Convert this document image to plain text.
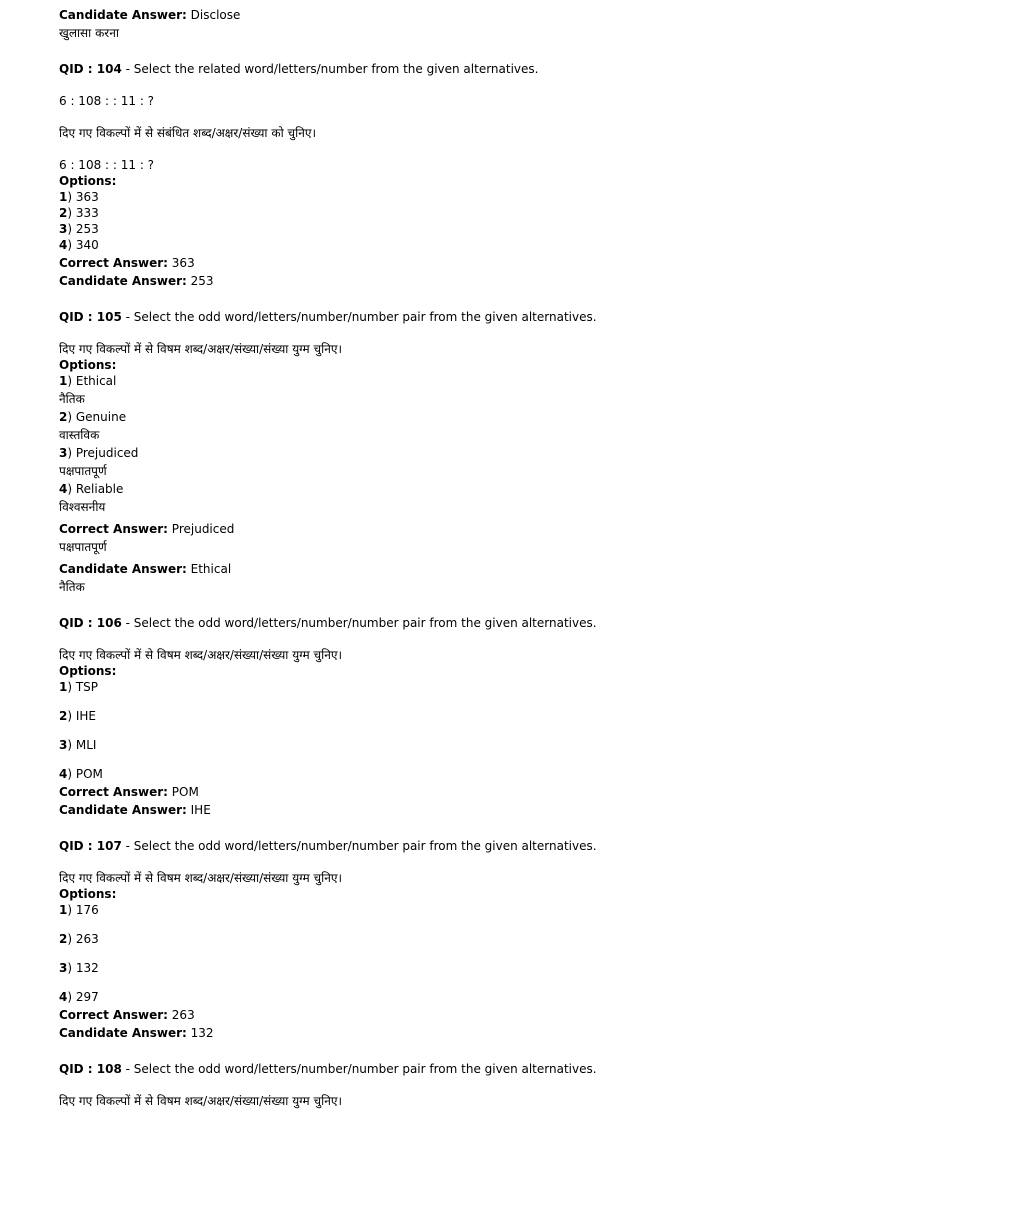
Candidate Answer: Disclose
खुलासा करना
QID : 104 - Select the related word/letters/number from the given alternatives.
6 : 108 : : 11 : ?
दिए गए विकल्पों में से संबंधित शब्द/अक्षर/संख्या को चुनिए।
6 : 108 : : 11 : ?
Options:
1) 363
2) 333
3) 253
4) 340
Correct Answer: 363
Candidate Answer: 253
QID : 105 - Select the odd word/letters/number/number pair from the given alternatives.
दिए गए विकल्पों में से विषम शब्द/अक्षर/संख्या/संख्या युग्म चुनिए।
Options:
1) Ethical
नैतिक
2) Genuine
वास्तविक
3) Prejudiced
पक्षपातपूर्ण
4) Reliable
विश्वसनीय
Correct Answer: Prejudiced
पक्षपातपूर्ण
Candidate Answer: Ethical
नैतिक
QID : 106 - Select the odd word/letters/number/number pair from the given alternatives.
दिए गए विकल्पों में से विषम शब्द/अक्षर/संख्या/संख्या युग्म चुनिए।
Options:
1) TSP
2) IHE
3) MLI
4) POM
Correct Answer: POM
Candidate Answer: IHE
QID : 107 - Select the odd word/letters/number/number pair from the given alternatives.
दिए गए विकल्पों में से विषम शब्द/अक्षर/संख्या/संख्या युग्म चुनिए।
Options:
1) 176
2) 263
3) 132
4) 297
Correct Answer: 263
Candidate Answer: 132
QID : 108 - Select the odd word/letters/number/number pair from the given alternatives.
दिए गए विकल्पों में से विषम शब्द/अक्षर/संख्या/संख्या युग्म चुनिए।
